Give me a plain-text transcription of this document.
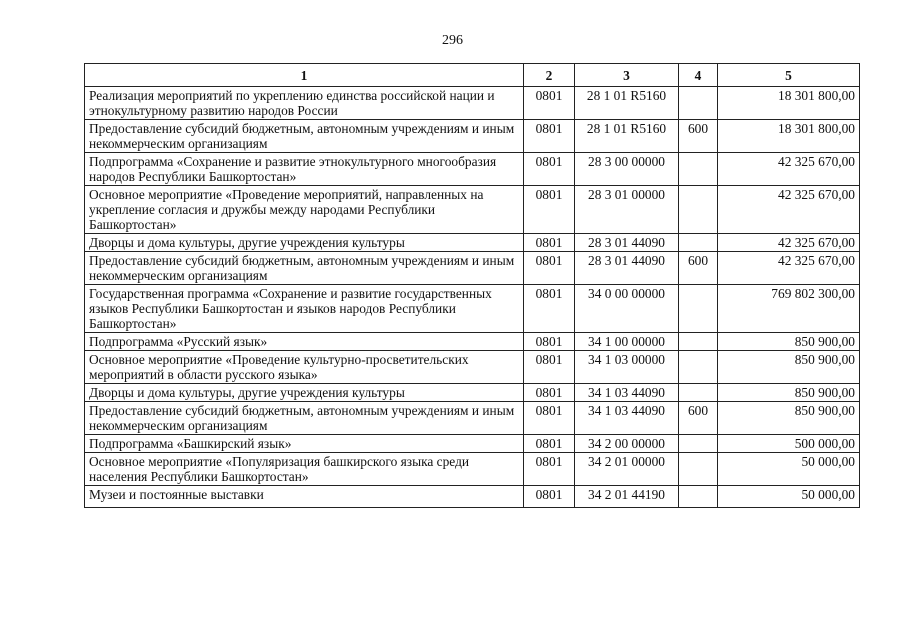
296
1	2	3	4	5
Реализация мероприятий по укреплению единства российской нации и этнокультурному развитию народов России	0801	28 1 01 R5160		18 301 800,00
Предоставление субсидий бюджетным, автономным учреждениям и иным некоммерческим организациям	0801	28 1 01 R5160	600	18 301 800,00
Подпрограмма «Сохранение и развитие этнокультурного многообразия народов Республики Башкортостан»	0801	28 3 00 00000		42 325 670,00
Основное мероприятие «Проведение мероприятий, направленных на укрепление согласия и дружбы между народами Республики Башкортостан»	0801	28 3 01 00000		42 325 670,00
Дворцы и дома культуры, другие учреждения культуры	0801	28 3 01 44090		42 325 670,00
Предоставление субсидий бюджетным, автономным учреждениям и иным некоммерческим организациям	0801	28 3 01 44090	600	42 325 670,00
Государственная программа «Сохранение и развитие государственных языков Республики Башкортостан и языков народов Республики Башкортостан»	0801	34 0 00 00000		769 802 300,00
Подпрограмма «Русский язык»	0801	34 1 00 00000		850 900,00
Основное мероприятие «Проведение культурно-просветительских мероприятий в области русского языка»	0801	34 1 03 00000		850 900,00
Дворцы и дома культуры, другие учреждения культуры	0801	34 1 03 44090		850 900,00
Предоставление субсидий бюджетным, автономным учреждениям и иным некоммерческим организациям	0801	34 1 03 44090	600	850 900,00
Подпрограмма «Башкирский язык»	0801	34 2 00 00000		500 000,00
Основное мероприятие «Популяризация башкирского языка среди населения Республики Башкортостан»	0801	34 2 01 00000		50 000,00
Музеи и постоянные выставки	0801	34 2 01 44190		50 000,00
